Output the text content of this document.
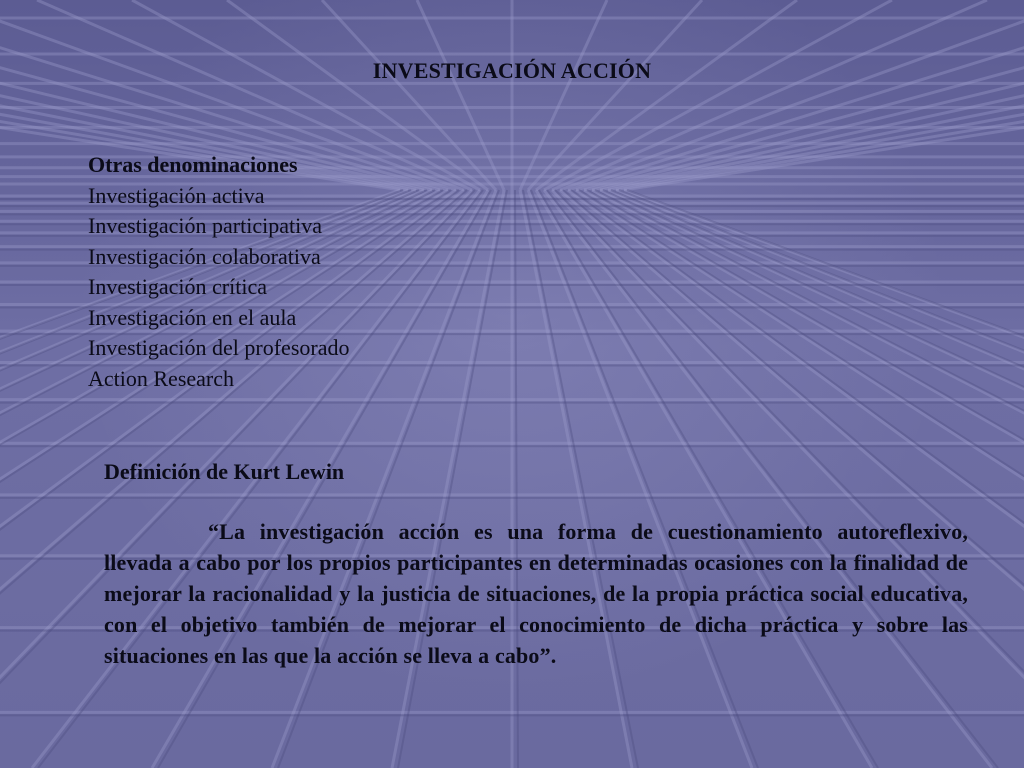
INVESTIGACIÓN ACCIÓN
Otras denominaciones
Investigación activa
Investigación participativa
Investigación colaborativa
Investigación crítica
Investigación en el aula
Investigación del profesorado
Action Research
Definición de Kurt Lewin
“La investigación acción es una forma de cuestionamiento autoreflexivo, llevada a cabo por los propios participantes en determinadas ocasiones con la finalidad de mejorar la racionalidad y la justicia de situaciones, de la propia práctica social educativa, con el objetivo también de mejorar el conocimiento de dicha práctica y sobre las situaciones en las que la acción se lleva a cabo”.
